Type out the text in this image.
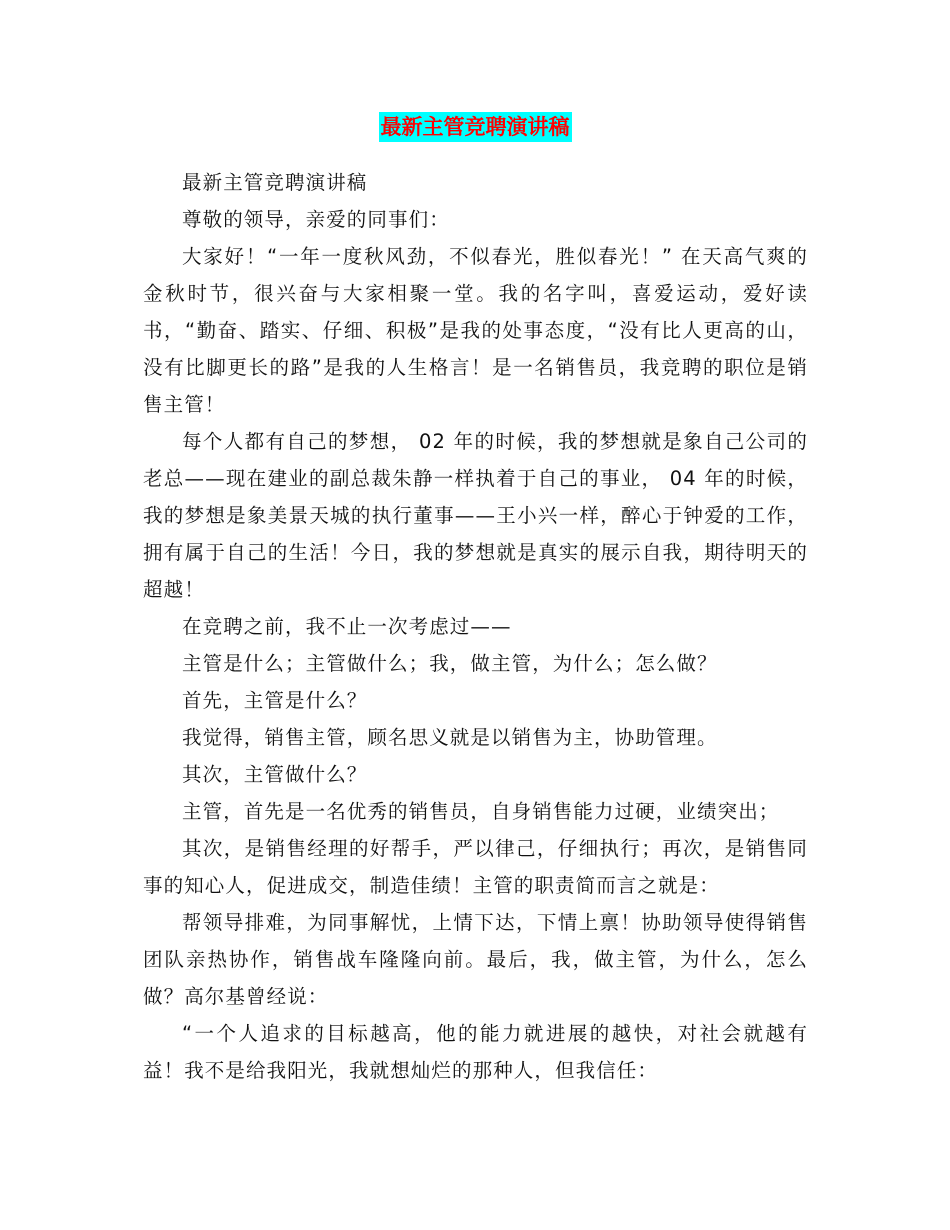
最新主管竞聘演讲稿

最新主管竞聘演讲稿

尊敬的领导，亲爱的同事们：

大家好！“一年一度秋风劲，不似春光，胜似春光！” 在天高气爽的金秋时节，很兴奋与大家相聚一堂。我的名字叫，喜爱运动，爱好读书，“勤奋、踏实、仔细、积极”是我的处事态度，“没有比人更高的山，没有比脚更长的路”是我的人生格言！是一名销售员，我竞聘的职位是销售主管！

每个人都有自己的梦想， 02 年的时候，我的梦想就是象自己公司的老总——现在建业的副总裁朱静一样执着于自己的事业， 04 年的时候，我的梦想是象美景天城的执行董事——王小兴一样，醉心于钟爱的工作，拥有属于自己的生活！今日，我的梦想就是真实的展示自我，期待明天的超越！

在竞聘之前，我不止一次考虑过——

主管是什么；主管做什么；我，做主管，为什么；怎么做？

首先，主管是什么？

我觉得，销售主管，顾名思义就是以销售为主，协助管理。

其次，主管做什么？

主管，首先是一名优秀的销售员，自身销售能力过硬，业绩突出；

其次，是销售经理的好帮手，严以律己，仔细执行；再次，是销售同事的知心人，促进成交，制造佳绩！主管的职责简而言之就是：

帮领导排难，为同事解忧，上情下达，下情上禀！协助领导使得销售团队亲热协作，销售战车隆隆向前。最后，我，做主管，为什么，怎么做？高尔基曾经说：

“一个人追求的目标越高，他的能力就进展的越快，对社会就越有益！我不是给我阳光，我就想灿烂的那种人，但我信任：
